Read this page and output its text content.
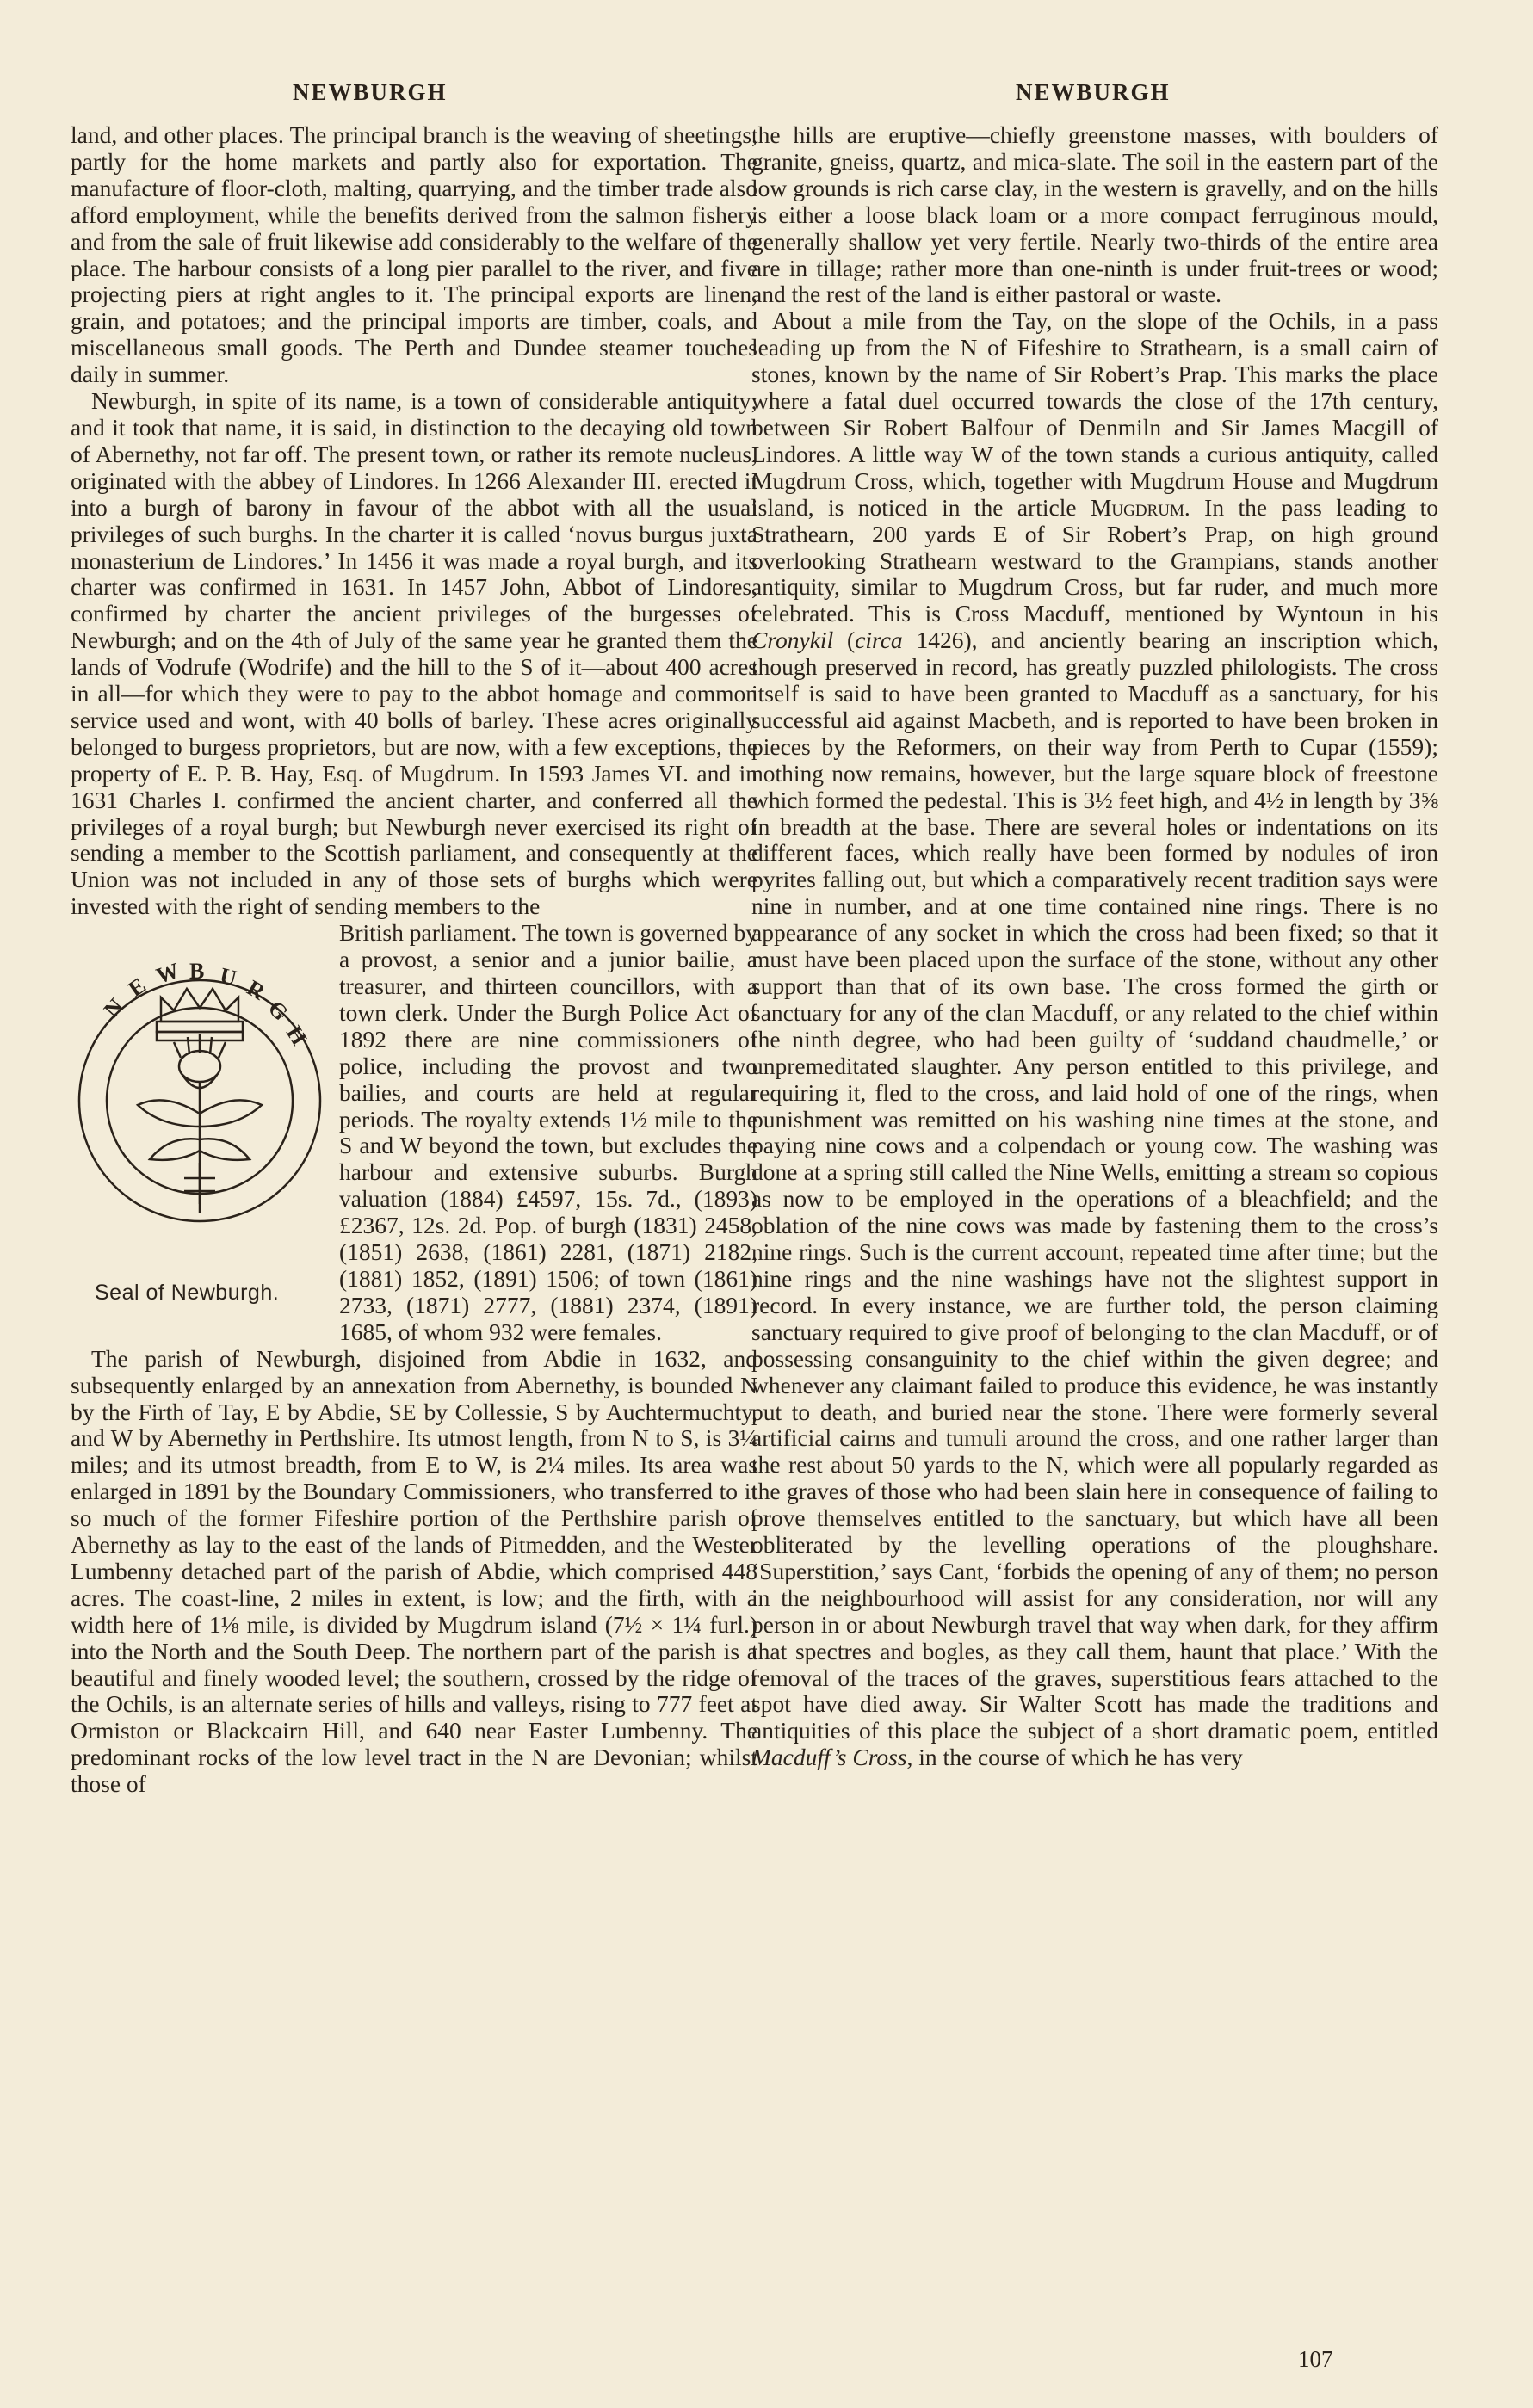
NEWBURGH	NEWBURGH

land, and other places. The principal branch is the weaving of sheetings, partly for the home markets and partly also for exportation. The manufacture of floor-cloth, malting, quarrying, and the timber trade also afford employment, while the benefits derived from the salmon fishery and from the sale of fruit likewise add considerably to the welfare of the place. The harbour consists of a long pier parallel to the river, and five projecting piers at right angles to it. The principal exports are linen, grain, and potatoes; and the principal imports are timber, coals, and miscellaneous small goods. The Perth and Dundee steamer touches daily in summer.

Newburgh, in spite of its name, is a town of considerable antiquity; and it took that name, it is said, in distinction to the decaying old town of Abernethy, not far off. The present town, or rather its remote nucleus, originated with the abbey of Lindores. In 1266 Alexander III. erected it into a burgh of barony in favour of the abbot with all the usual privileges of such burghs. In the charter it is called ‘novus burgus juxta monasterium de Lindores.’ In 1456 it was made a royal burgh, and its charter was confirmed in 1631. In 1457 John, Abbot of Lindores, confirmed by charter the ancient privileges of the burgesses of Newburgh; and on the 4th of July of the same year he granted them the lands of Vodrufe (Wodrife) and the hill to the S of it—about 400 acres in all—for which they were to pay to the abbot homage and common service used and wont, with 40 bolls of barley. These acres originally belonged to burgess proprietors, but are now, with a few exceptions, the property of E. P. B. Hay, Esq. of Mugdrum. In 1593 James VI. and in 1631 Charles I. confirmed the ancient charter, and conferred all the privileges of a royal burgh; but Newburgh never exercised its right of sending a member to the Scottish parliament, and consequently at the Union was not included in any of those sets of burghs which were invested with the right of sending members to the

N
E W B U R
G
H
Seal of Newburgh.

British parliament. The town is governed by a provost, a senior and a junior bailie, a treasurer, and thirteen councillors, with a town clerk. Under the Burgh Police Act of 1892 there are nine commissioners of police, including the provost and two bailies, and courts are held at regular periods. The royalty extends 1½ mile to the S and W beyond the town, but excludes the harbour and extensive suburbs. Burgh valuation (1884) £4597, 15s. 7d., (1893) £2367, 12s. 2d. Pop. of burgh (1831) 2458, (1851) 2638, (1861) 2281, (1871) 2182, (1881) 1852, (1891) 1506; of town (1861) 2733, (1871) 2777, (1881) 2374, (1891) 1685, of whom 932 were females.

The parish of Newburgh, disjoined from Abdie in 1632, and subsequently enlarged by an annexation from Abernethy, is bounded N by the Firth of Tay, E by Abdie, SE by Collessie, S by Auchtermuchty, and W by Abernethy in Perthshire. Its utmost length, from N to S, is 3¼ miles; and its utmost breadth, from E to W, is 2¼ miles. Its area was enlarged in 1891 by the Boundary Commissioners, who transferred to it so much of the former Fifeshire portion of the Perthshire parish of Abernethy as lay to the east of the lands of Pitmedden, and the Wester Lumbenny detached part of the parish of Abdie, which comprised 448 acres. The coast-line, 2 miles in extent, is low; and the firth, with a width here of 1⅛ mile, is divided by Mugdrum island (7½ × 1¼ furl.) into the North and the South Deep. The northern part of the parish is a beautiful and finely wooded level; the southern, crossed by the ridge of the Ochils, is an alternate series of hills and valleys, rising to 777 feet at Ormiston or Blackcairn Hill, and 640 near Easter Lumbenny. The predominant rocks of the low level tract in the N are Devonian; whilst those of

the hills are eruptive—chiefly greenstone masses, with boulders of granite, gneiss, quartz, and mica-slate. The soil in the eastern part of the low grounds is rich carse clay, in the western is gravelly, and on the hills is either a loose black loam or a more compact ferruginous mould, generally shallow yet very fertile. Nearly two-thirds of the entire area are in tillage; rather more than one-ninth is under fruit-trees or wood; and the rest of the land is either pastoral or waste.

About a mile from the Tay, on the slope of the Ochils, in a pass leading up from the N of Fifeshire to Strathearn, is a small cairn of stones, known by the name of Sir Robert’s Prap. This marks the place where a fatal duel occurred towards the close of the 17th century, between Sir Robert Balfour of Denmiln and Sir James Macgill of Lindores. A little way W of the town stands a curious antiquity, called Mugdrum Cross, which, together with Mugdrum House and Mugdrum island, is noticed in the article Mugdrum. In the pass leading to Strathearn, 200 yards E of Sir Robert’s Prap, on high ground overlooking Strathearn westward to the Grampians, stands another antiquity, similar to Mugdrum Cross, but far ruder, and much more celebrated. This is Cross Macduff, mentioned by Wyntoun in his Cronykil (circa 1426), and anciently bearing an inscription which, though preserved in record, has greatly puzzled philologists. The cross itself is said to have been granted to Macduff as a sanctuary, for his successful aid against Macbeth, and is reported to have been broken in pieces by the Reformers, on their way from Perth to Cupar (1559); nothing now remains, however, but the large square block of freestone which formed the pedestal. This is 3½ feet high, and 4½ in length by 3⅝ in breadth at the base. There are several holes or indentations on its different faces, which really have been formed by nodules of iron pyrites falling out, but which a comparatively recent tradition says were nine in number, and at one time contained nine rings. There is no appearance of any socket in which the cross had been fixed; so that it must have been placed upon the surface of the stone, without any other support than that of its own base. The cross formed the girth or sanctuary for any of the clan Macduff, or any related to the chief within the ninth degree, who had been guilty of ‘suddand chaudmelle,’ or unpremeditated slaughter. Any person entitled to this privilege, and requiring it, fled to the cross, and laid hold of one of the rings, when punishment was remitted on his washing nine times at the stone, and paying nine cows and a colpendach or young cow. The washing was done at a spring still called the Nine Wells, emitting a stream so copious as now to be employed in the operations of a bleachfield; and the oblation of the nine cows was made by fastening them to the cross’s nine rings. Such is the current account, repeated time after time; but the nine rings and the nine washings have not the slightest support in record. In every instance, we are further told, the person claiming sanctuary required to give proof of belonging to the clan Macduff, or of possessing consanguinity to the chief within the given degree; and whenever any claimant failed to produce this evidence, he was instantly put to death, and buried near the stone. There were formerly several artificial cairns and tumuli around the cross, and one rather larger than the rest about 50 yards to the N, which were all popularly regarded as the graves of those who had been slain here in consequence of failing to prove themselves entitled to the sanctuary, but which have all been obliterated by the levelling operations of the ploughshare. ‘Superstition,’ says Cant, ‘forbids the opening of any of them; no person in the neighbourhood will assist for any consideration, nor will any person in or about Newburgh travel that way when dark, for they affirm that spectres and bogles, as they call them, haunt that place.’ With the removal of the traces of the graves, superstitious fears attached to the spot have died away. Sir Walter Scott has made the traditions and antiquities of this place the subject of a short dramatic poem, entitled Macduff’s Cross, in the course of which he has very

107
